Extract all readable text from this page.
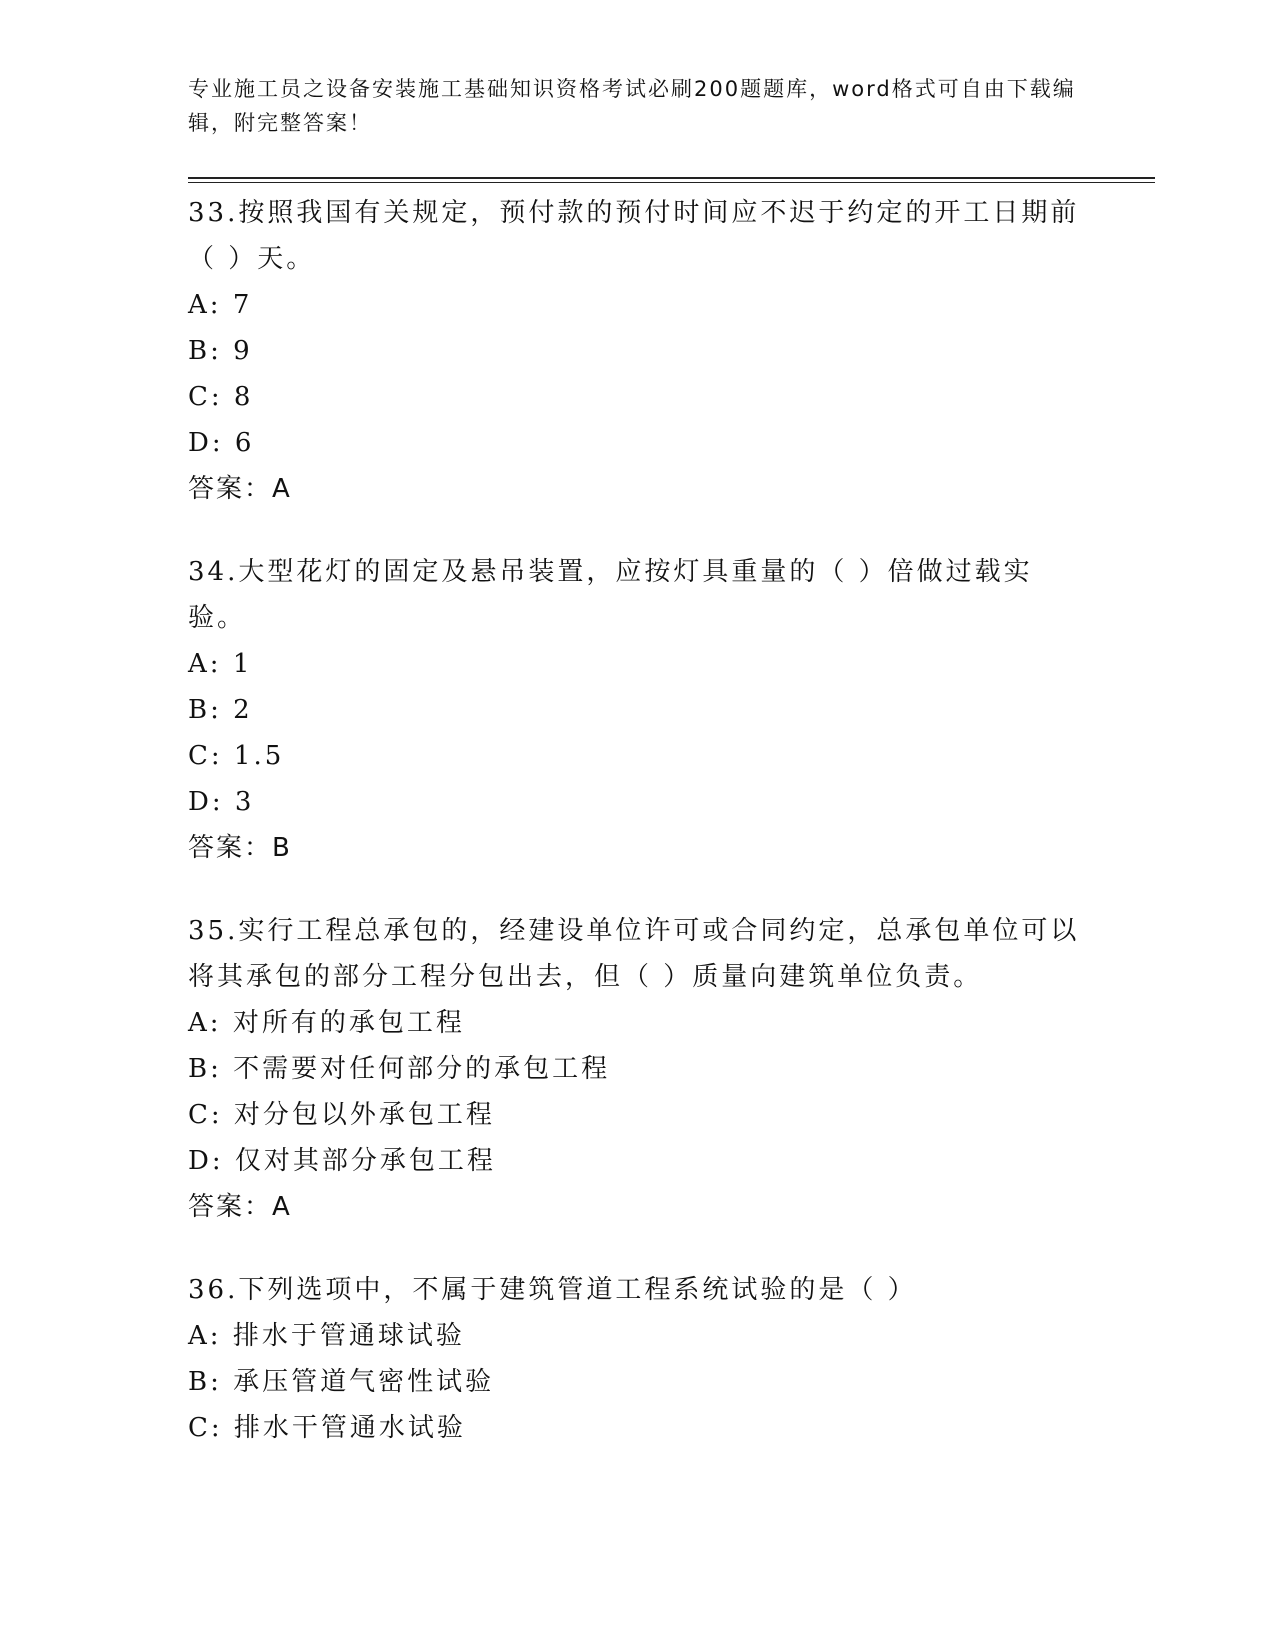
专业施工员之设备安装施工基础知识资格考试必刷200题题库，word格式可自由下载编辑，附完整答案！

33.按照我国有关规定，预付款的预付时间应不迟于约定的开工日期前（ ）天。

A: 7

B: 9

C: 8

D: 6

答案：A

34.大型花灯的固定及悬吊装置，应按灯具重量的（ ）倍做过载实验。

A: 1

B: 2

C: 1.5

D: 3

答案：B

35.实行工程总承包的，经建设单位许可或合同约定，总承包单位可以将其承包的部分工程分包出去，但（ ）质量向建筑单位负责。

A: 对所有的承包工程

B: 不需要对任何部分的承包工程

C: 对分包以外承包工程

D: 仅对其部分承包工程

答案：A

36.下列选项中，不属于建筑管道工程系统试验的是（ ）

A: 排水于管通球试验

B: 承压管道气密性试验

C: 排水干管通水试验
